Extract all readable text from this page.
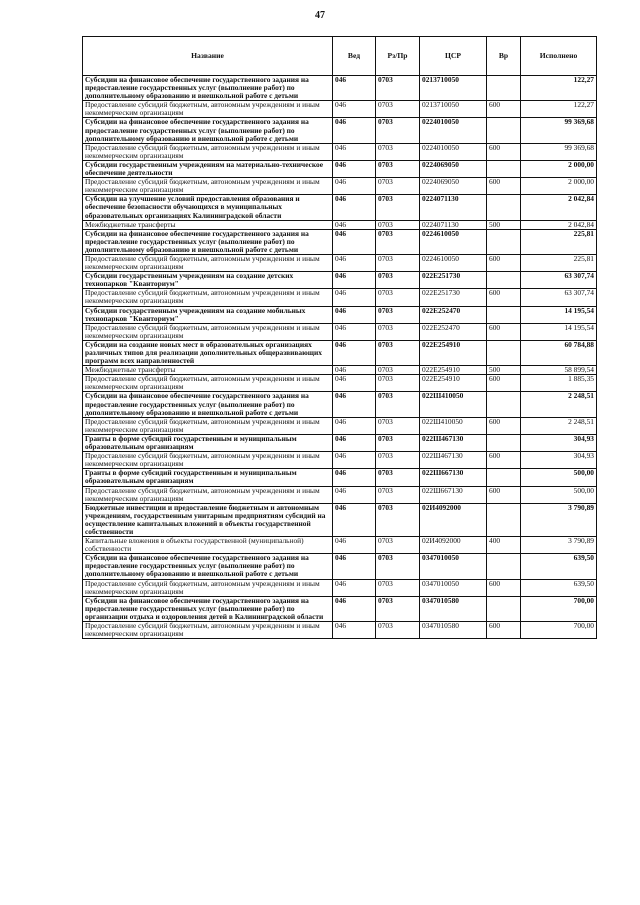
47
Название	Вед	Рз/Пр	ЦСР	Вр	Исполнено
Субсидии на финансовое обеспечение государственного задания на предоставление государственных услуг (выполнение работ) по дополнительному образованию и внешкольной работе с детьми	046	0703	0213710050		122,27
Предоставление субсидий бюджетным, автономным учреждениям и иным некоммерческим организациям	046	0703	0213710050	600	122,27
Субсидии на финансовое обеспечение государственного задания на предоставление государственных услуг (выполнение работ) по дополнительному образованию и внешкольной работе с детьми	046	0703	0224010050		99 369,68
Предоставление субсидий бюджетным, автономным учреждениям и иным некоммерческим организациям	046	0703	0224010050	600	99 369,68
Субсидии государственным учреждениям на материально-техническое обеспечение деятельности	046	0703	0224069050		2 000,00
Предоставление субсидий бюджетным, автономным учреждениям и иным некоммерческим организациям	046	0703	0224069050	600	2 000,00
Субсидии на улучшение условий предоставления образования и обеспечение безопасности обучающихся в муниципальных образовательных организациях Калининградской области	046	0703	0224071130		2 042,84
Межбюджетные трансферты	046	0703	0224071130	500	2 042,84
Субсидии на финансовое обеспечение государственного задания на предоставление государственных услуг (выполнение работ) по дополнительному образованию и внешкольной работе с детьми	046	0703	0224610050		225,81
Предоставление субсидий бюджетным, автономным учреждениям и иным некоммерческим организациям	046	0703	0224610050	600	225,81
Субсидии государственным учреждениям на создание детских технопарков "Кванториум"	046	0703	022E251730		63 307,74
Предоставление субсидий бюджетным, автономным учреждениям и иным некоммерческим организациям	046	0703	022E251730	600	63 307,74
Субсидии государственным учреждениям на создание мобильных технопарков "Кванториум"	046	0703	022E252470		14 195,54
Предоставление субсидий бюджетным, автономным учреждениям и иным некоммерческим организациям	046	0703	022E252470	600	14 195,54
Субсидии на создание новых мест в образовательных организациях различных типов для реализации дополнительных общеразвивающих программ всех направленностей	046	0703	022E254910		60 784,88
Межбюджетные трансферты	046	0703	022E254910	500	58 899,54
Предоставление субсидий бюджетным, автономным учреждениям и иным некоммерческим организациям	046	0703	022E254910	600	1 885,35
Субсидии на финансовое обеспечение государственного задания на предоставление государственных услуг (выполнение работ) по дополнительному образованию и внешкольной работе с детьми	046	0703	022Ш410050		2 248,51
Предоставление субсидий бюджетным, автономным учреждениям и иным некоммерческим организациям	046	0703	022Ш410050	600	2 248,51
Гранты в форме субсидий государственным и муниципальным образовательным организациям	046	0703	022Ш467130		304,93
Предоставление субсидий бюджетным, автономным учреждениям и иным некоммерческим организациям	046	0703	022Ш467130	600	304,93
Гранты в форме субсидий государственным и муниципальным образовательным организациям	046	0703	022Ш667130		500,00
Предоставление субсидий бюджетным, автономным учреждениям и иным некоммерческим организациям	046	0703	022Ш667130	600	500,00
Бюджетные инвестиции и предоставление бюджетным и автономным учреждениям, государственным унитарным предприятиям субсидий на осуществление капитальных вложений в объекты государственной собственности	046	0703	02И4092000		3 790,89
Капитальные вложения в объекты государственной (муниципальной) собственности	046	0703	02И4092000	400	3 790,89
Субсидии на финансовое обеспечение государственного задания на предоставление государственных услуг (выполнение работ) по дополнительному образованию и внешкольной работе с детьми	046	0703	0347010050		639,50
Предоставление субсидий бюджетным, автономным учреждениям и иным некоммерческим организациям	046	0703	0347010050	600	639,50
Субсидии на финансовое обеспечение государственного задания на предоставление государственных услуг (выполнение работ) по организации отдыха и оздоровления детей в Калининградской области	046	0703	0347010580		700,00
Предоставление субсидий бюджетным, автономным учреждениям и иным некоммерческим организациям	046	0703	0347010580	600	700,00
